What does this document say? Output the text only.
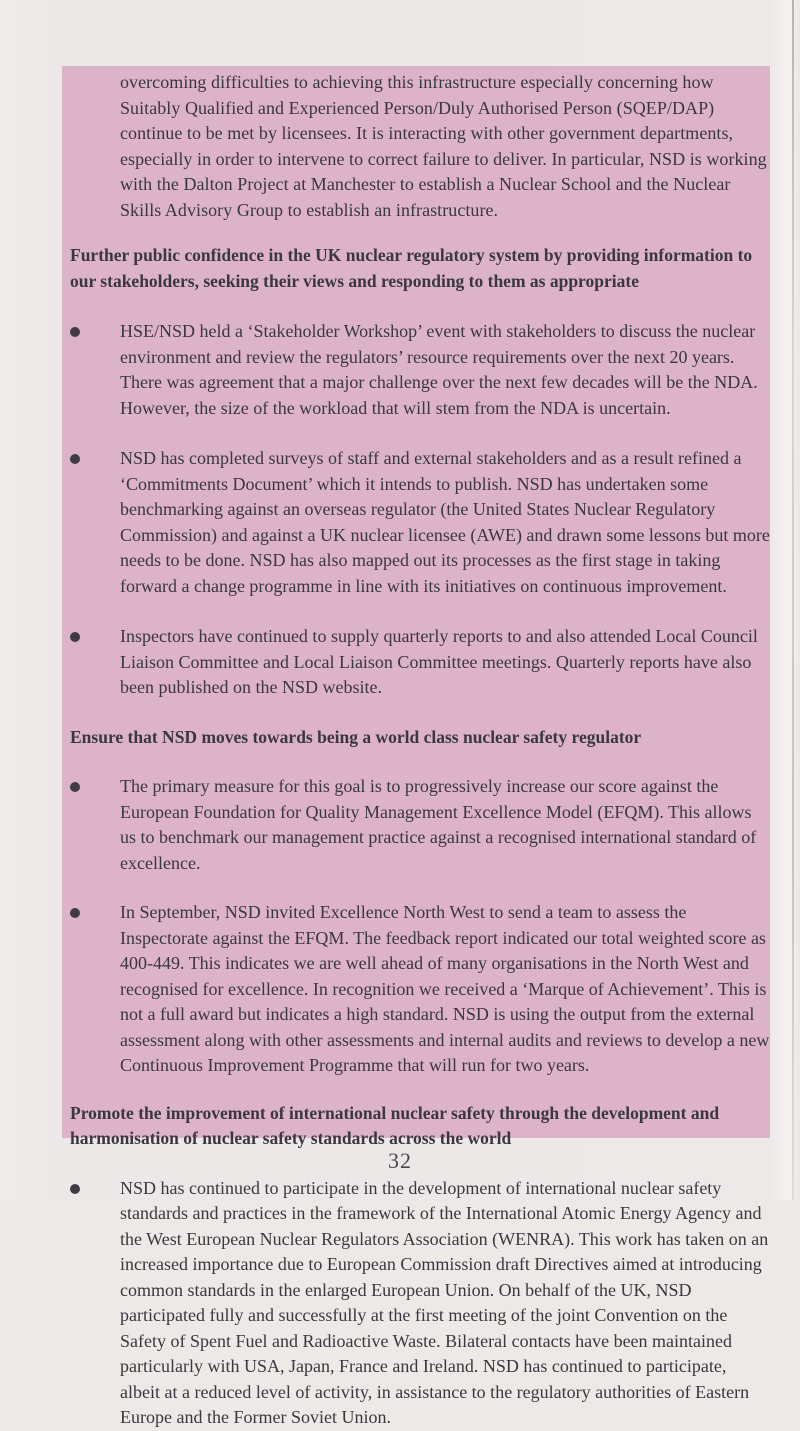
overcoming difficulties to achieving this infrastructure especially concerning how Suitably Qualified and Experienced Person/Duly Authorised Person (SQEP/DAP) continue to be met by licensees. It is interacting with other government departments, especially in order to intervene to correct failure to deliver. In particular, NSD is working with the Dalton Project at Manchester to establish a Nuclear School and the Nuclear Skills Advisory Group to establish an infrastructure.

Further public confidence in the UK nuclear regulatory system by providing information to our stakeholders, seeking their views and responding to them as appropriate

HSE/NSD held a ‘Stakeholder Workshop’ event with stakeholders to discuss the nuclear environment and review the regulators’ resource requirements over the next 20 years. There was agreement that a major challenge over the next few decades will be the NDA. However, the size of the workload that will stem from the NDA is uncertain.

NSD has completed surveys of staff and external stakeholders and as a result refined a ‘Commitments Document’ which it intends to publish. NSD has undertaken some benchmarking against an overseas regulator (the United States Nuclear Regulatory Commission) and against a UK nuclear licensee (AWE) and drawn some lessons but more needs to be done. NSD has also mapped out its processes as the first stage in taking forward a change programme in line with its initiatives on continuous improvement.

Inspectors have continued to supply quarterly reports to and also attended Local Council Liaison Committee and Local Liaison Committee meetings. Quarterly reports have also been published on the NSD website.

Ensure that NSD moves towards being a world class nuclear safety regulator

The primary measure for this goal is to progressively increase our score against the European Foundation for Quality Management Excellence Model (EFQM). This allows us to benchmark our management practice against a recognised international standard of excellence.

In September, NSD invited Excellence North West to send a team to assess the Inspectorate against the EFQM. The feedback report indicated our total weighted score as 400-449. This indicates we are well ahead of many organisations in the North West and recognised for excellence. In recognition we received a ‘Marque of Achievement’. This is not a full award but indicates a high standard. NSD is using the output from the external assessment along with other assessments and internal audits and reviews to develop a new Continuous Improvement Programme that will run for two years.

Promote the improvement of international nuclear safety through the development and harmonisation of nuclear safety standards across the world

NSD has continued to participate in the development of international nuclear safety standards and practices in the framework of the International Atomic Energy Agency and the West European Nuclear Regulators Association (WENRA). This work has taken on an increased importance due to European Commission draft Directives aimed at introducing common standards in the enlarged European Union. On behalf of the UK, NSD participated fully and successfully at the first meeting of the joint Convention on the Safety of Spent Fuel and Radioactive Waste. Bilateral contacts have been maintained particularly with USA, Japan, France and Ireland. NSD has continued to participate, albeit at a reduced level of activity, in assistance to the regulatory authorities of Eastern Europe and the Former Soviet Union.

32
